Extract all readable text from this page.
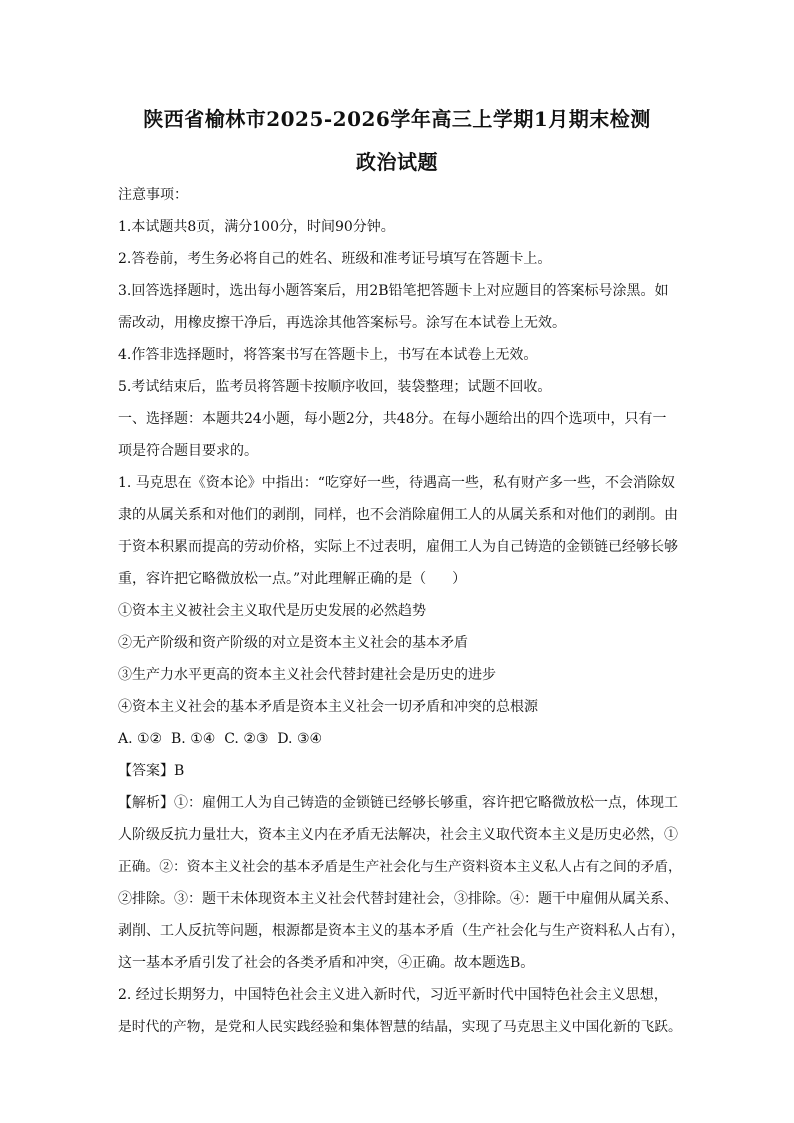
陕西省榆林市2025-2026学年高三上学期1月期末检测
政治试题
注意事项：
1.本试题共8页，满分100分，时间90分钟。
2.答卷前，考生务必将自己的姓名、班级和准考证号填写在答题卡上。
3.回答选择题时，选出每小题答案后，用2B铅笔把答题卡上对应题目的答案标号涂黑。如
需改动，用橡皮擦干净后，再选涂其他答案标号。涂写在本试卷上无效。
4.作答非选择题时，将答案书写在答题卡上，书写在本试卷上无效。
5.考试结束后，监考员将答题卡按顺序收回，装袋整理；试题不回收。
一、选择题：本题共24小题，每小题2分，共48分。在每小题给出的四个选项中，只有一
项是符合题目要求的。
1. 马克思在《资本论》中指出：“吃穿好一些，待遇高一些，私有财产多一些，不会消除奴
隶的从属关系和对他们的剥削，同样，也不会消除雇佣工人的从属关系和对他们的剥削。由
于资本积累而提高的劳动价格，实际上不过表明，雇佣工人为自己铸造的金锁链已经够长够
重，容许把它略微放松一点。”对此理解正确的是（ ）
①资本主义被社会主义取代是历史发展的必然趋势
②无产阶级和资产阶级的对立是资本主义社会的基本矛盾
③生产力水平更高的资本主义社会代替封建社会是历史的进步
④资本主义社会的基本矛盾是资本主义社会一切矛盾和冲突的总根源
A. ①②  B. ①④  C. ②③  D. ③④
【答案】B
【解析】①：雇佣工人为自己铸造的金锁链已经够长够重，容许把它略微放松一点，体现工
人阶级反抗力量壮大，资本主义内在矛盾无法解决，社会主义取代资本主义是历史必然，①
正确。②：资本主义社会的基本矛盾是生产社会化与生产资料资本主义私人占有之间的矛盾，
②排除。③：题干未体现资本主义社会代替封建社会，③排除。④：题干中雇佣从属关系、
剥削、工人反抗等问题，根源都是资本主义的基本矛盾（生产社会化与生产资料私人占有），
这一基本矛盾引发了社会的各类矛盾和冲突，④正确。故本题选B。
2. 经过长期努力，中国特色社会主义进入新时代，习近平新时代中国特色社会主义思想，
是时代的产物，是党和人民实践经验和集体智慧的结晶，实现了马克思主义中国化新的飞跃。
